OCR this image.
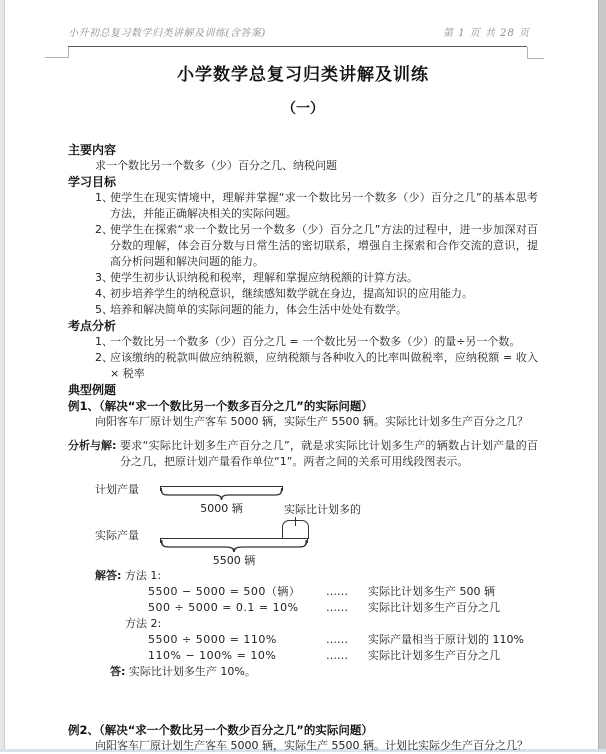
小升初总复习数学归类讲解及训练(含答案)	第 1 页 共 28 页
小学数学总复习归类讲解及训练
（一）
主要内容

求一个数比另一个数多（少）百分之几、纳税问题

学习目标
1、
使学生在现实情境中，理解并掌握“求一个数比另一个数多（少）百分之几”的基本思考方法，并能正确解决相关的实际问题。
2、
使学生在探索“求一个数比另一个数多（少）百分之几”方法的过程中，进一步加深对百分数的理解，体会百分数与日常生活的密切联系，增强自主探索和合作交流的意识，提高分析问题和解决问题的能力。
3、
使学生初步认识纳税和税率，理解和掌握应纳税额的计算方法。
4、
初步培养学生的纳税意识，继续感知数学就在身边，提高知识的应用能力。
5、
培养和解决简单的实际问题的能力，体会生活中处处有数学。
考点分析
1、
一个数比另一个数多（少）百分之几 = 一个数比另一个数多（少）的量÷另一个数。
2、
应该缴纳的税款叫做应纳税额，应纳税额与各种收入的比率叫做税率，应纳税额 = 收入 × 税率
典型例题
例1、（解决“求一个数比另一个数多百分之几”的实际问题）

向阳客车厂原计划生产客车 5000 辆，实际生产 5500 辆。实际比计划多生产百分之几？

分析与解: 要求“实际比计划多生产百分之几”，就是求实际比计划多生产的辆数占计划产量的百分之几，把原计划产量看作单位“1”。两者之间的关系可用线段图表示。
计划产量
5000 辆	实际比计划多的
实际产量
5500 辆
解答: 方法 1:
5500 − 5000 = 500（辆）	……	实际比计划多生产 500 辆
500 ÷ 5000 = 0.1 = 10%	……	实际比计划多生产百分之几
方法 2:
5500 ÷ 5000 = 110%	……	实际产量相当于原计划的 110%
110% − 100% = 10%	……	实际比计划多生产百分之几
答: 实际比计划多生产 10%。
例2、（解决“求一个数比另一个数少百分之几”的实际问题）

向阳客车厂原计划生产客车 5000 辆，实际生产 5500 辆。计划比实际少生产百分之几？
